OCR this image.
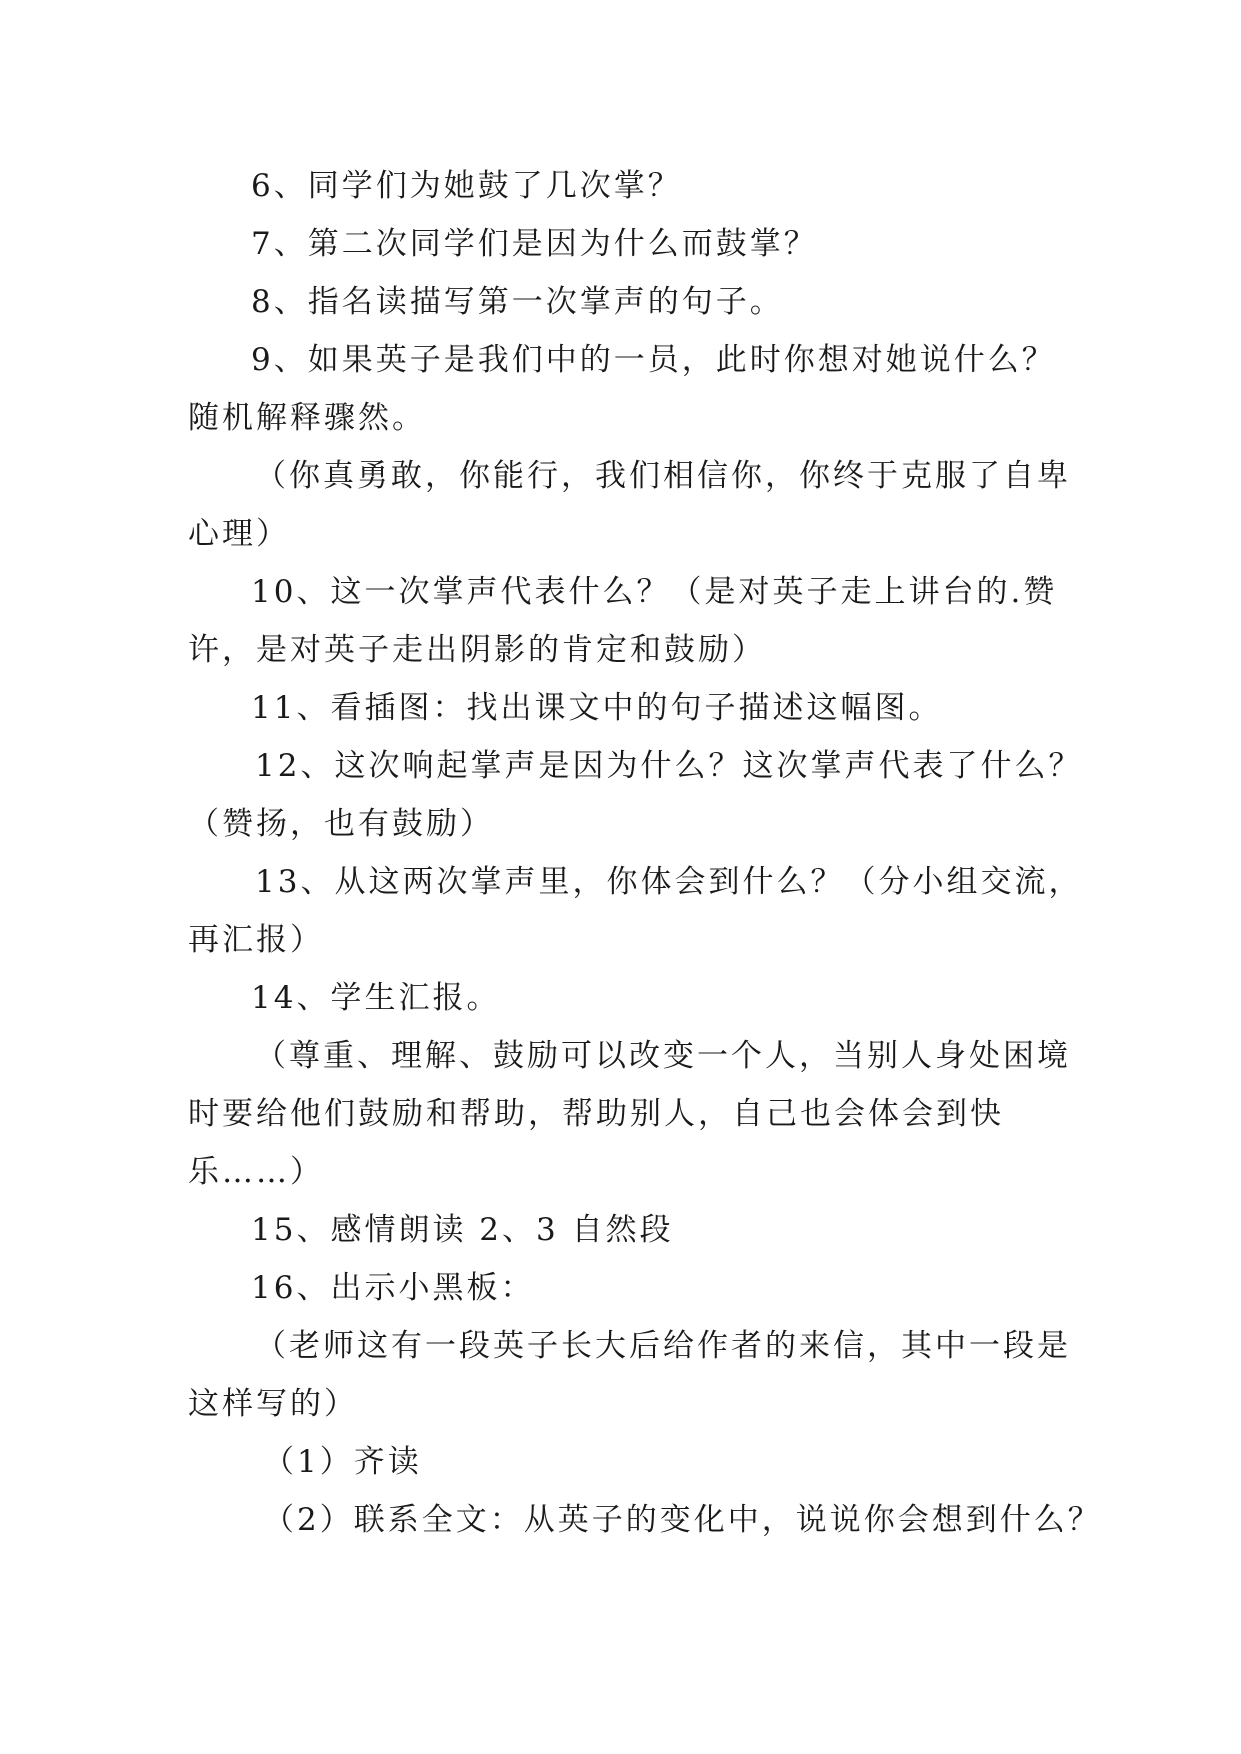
6、同学们为她鼓了几次掌？

7、第二次同学们是因为什么而鼓掌？

8、指名读描写第一次掌声的句子。

9、如果英子是我们中的一员，此时你想对她说什么？

随机解释骤然。

（你真勇敢，你能行，我们相信你，你终于克服了自卑

心理）

10、这一次掌声代表什么？（是对英子走上讲台的.赞

许，是对英子走出阴影的肯定和鼓励）

11、看插图：找出课文中的句子描述这幅图。

12、这次响起掌声是因为什么？这次掌声代表了什么？

（赞扬，也有鼓励）

13、从这两次掌声里，你体会到什么？（分小组交流，

再汇报）

14、学生汇报。

（尊重、理解、鼓励可以改变一个人，当别人身处困境

时要给他们鼓励和帮助，帮助别人，自己也会体会到快

乐……）

15、感情朗读 2、3 自然段

16、出示小黑板：

（老师这有一段英子长大后给作者的来信，其中一段是

这样写的）

（1）齐读

（2）联系全文：从英子的变化中，说说你会想到什么？
